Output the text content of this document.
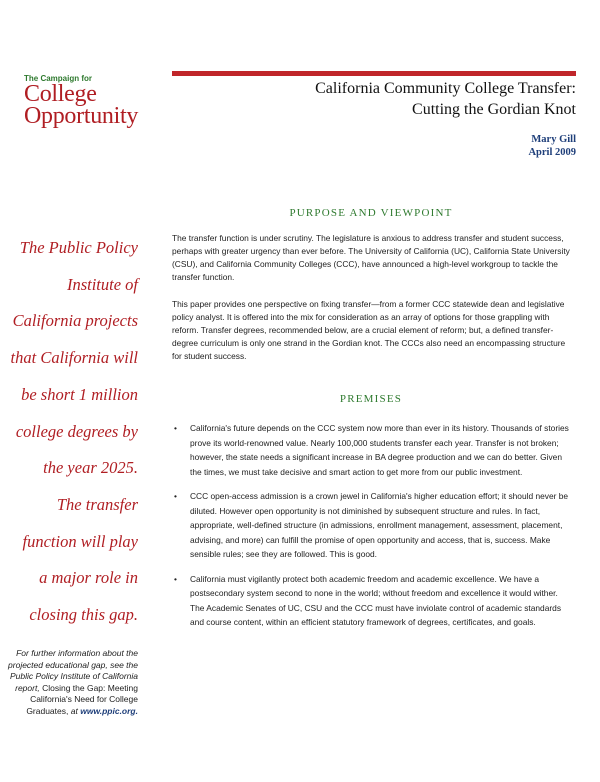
The Campaign for
College
Opportunity
California Community College Transfer:
Cutting the Gordian Knot
Mary Gill
April 2009
The Public Policy
Institute of
California projects
that California will
be short 1 million
college degrees by
the year 2025.
The transfer
function will play
a major role in
closing this gap.
For further information about the projected educational gap, see the Public Policy Institute of California report, Closing the Gap: Meeting California's Need for College Graduates, at www.ppic.org.
PURPOSE AND VIEWPOINT

The transfer function is under scrutiny. The legislature is anxious to address transfer and student success, perhaps with greater urgency than ever before. The University of California (UC), California State University (CSU), and California Community Colleges (CCC), have announced a high-level workgroup to tackle the transfer function.

This paper provides one perspective on fixing transfer—from a former CCC statewide dean and legislative policy analyst. It is offered into the mix for consideration as an array of options for those grappling with reform. Transfer degrees, recommended below, are a crucial element of reform; but, a defined transfer-degree curriculum is only one strand in the Gordian knot. The CCCs also need an encompassing structure for student success.

PREMISES
• California's future depends on the CCC system now more than ever in its history. Thousands of stories prove its world-renowned value. Nearly 100,000 students transfer each year. Transfer is not broken; however, the state needs a significant increase in BA degree production and we can do better. Given the times, we must take decisive and smart action to get more from our public investment.
• CCC open-access admission is a crown jewel in California's higher education effort; it should never be diluted. However open opportunity is not diminished by subsequent structure and rules. In fact, appropriate, well-defined structure (in admissions, enrollment management, assessment, placement, advising, and more) can fulfill the promise of open opportunity and access, that is, success. Make sensible rules; see they are followed. This is good.
• California must vigilantly protect both academic freedom and academic excellence. We have a postsecondary system second to none in the world; without freedom and excellence it would wither. The Academic Senates of UC, CSU and the CCC must have inviolate control of academic standards and course content, within an efficient statutory framework of degrees, certificates, and goals.
